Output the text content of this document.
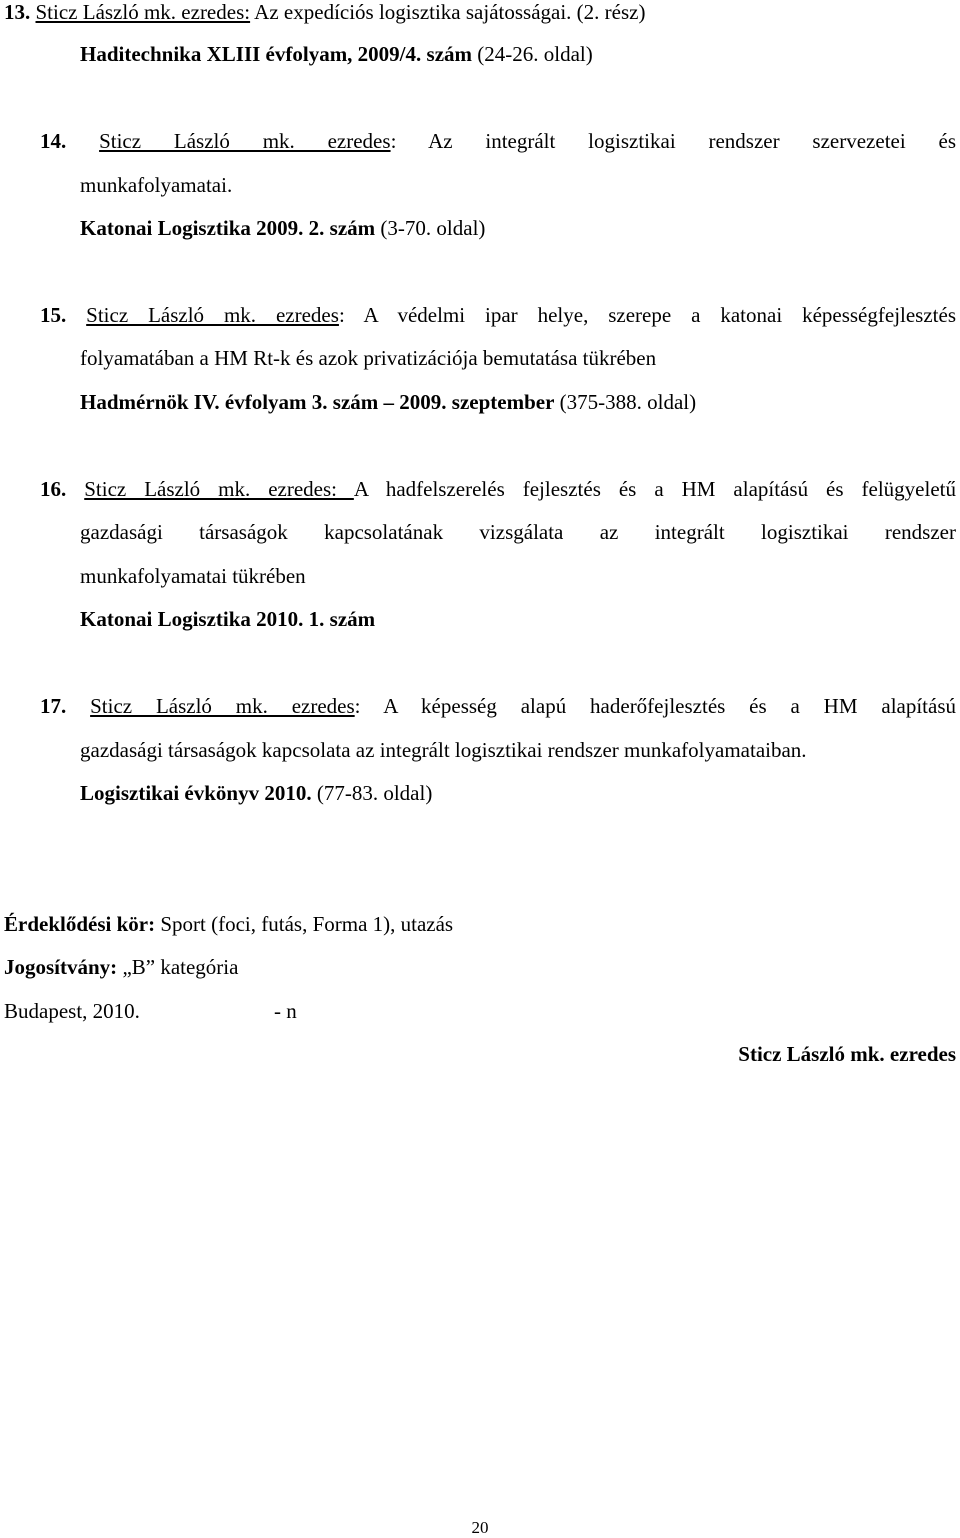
13. Sticz László mk. ezredes: Az expedíciós logisztika sajátosságai. (2. rész)
Haditechnika XLIII évfolyam, 2009/4. szám (24-26. oldal)
14. Sticz László mk. ezredes: Az integrált logisztikai rendszer szervezetei és
munkafolyamatai.
Katonai Logisztika 2009. 2. szám (3-70. oldal)
15. Sticz László mk. ezredes: A védelmi ipar helye, szerepe a katonai képességfejlesztés
folyamatában a HM Rt-k és azok privatizációja bemutatása tükrében
Hadmérnök IV. évfolyam 3. szám – 2009. szeptember (375-388. oldal)
16. Sticz László mk. ezredes: A hadfelszerelés fejlesztés és a HM alapítású és felügyeletű
gazdasági társaságok kapcsolatának vizsgálata az integrált logisztikai rendszer
munkafolyamatai tükrében
Katonai Logisztika 2010. 1. szám
17. Sticz László mk. ezredes: A képesség alapú haderőfejlesztés és a HM alapítású
gazdasági társaságok kapcsolata az integrált logisztikai rendszer munkafolyamataiban.
Logisztikai évkönyv 2010. (77-83. oldal)
Érdeklődési kör: Sport (foci, futás, Forma 1), utazás
Jogosítvány: „B” kategória
Budapest, 2010.	- n
Sticz László mk. ezredes
20
